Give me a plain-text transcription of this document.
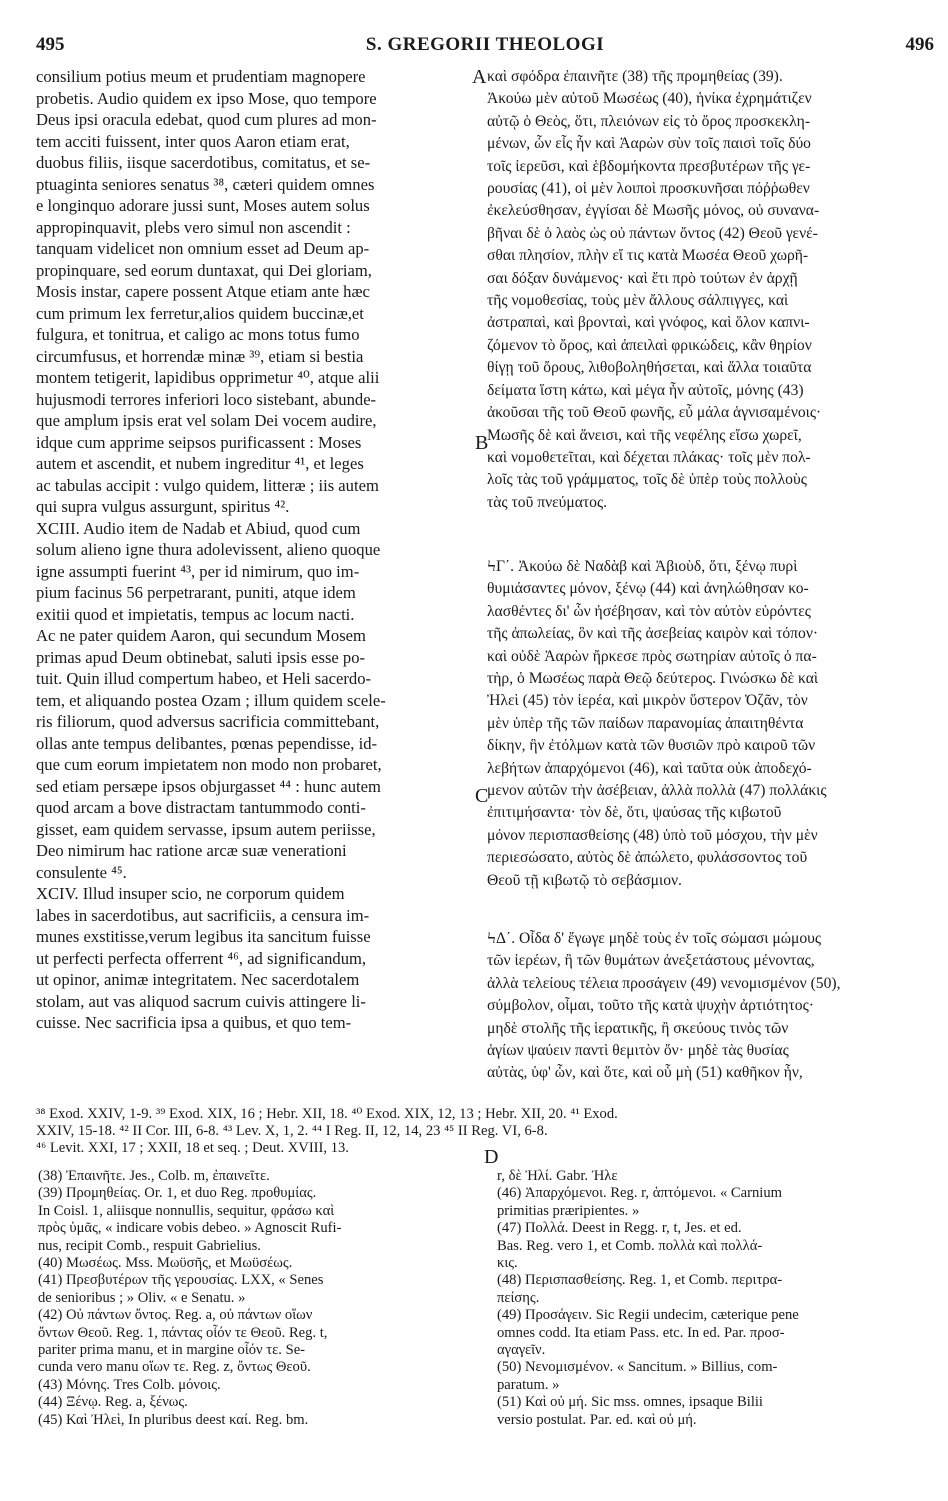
495	S. GREGORII THEOLOGI	496
A
B
C

consilium potius meum et prudentiam magnopere

probetis. Audio quidem ex ipso Mose, quo tempore

Deus ipsi oracula edebat, quod cum plures ad mon-

tem acciti fuissent, inter quos Aaron etiam erat,

duobus filiis, iisque sacerdotibus, comitatus, et se-

ptuaginta seniores senatus ³⁸, cæteri quidem omnes

e longinquo adorare jussi sunt, Moses autem solus

appropinquavit, plebs vero simul non ascendit :

tanquam videlicet non omnium esset ad Deum ap-

propinquare, sed eorum duntaxat, qui Dei gloriam,

Mosis instar, capere possent Atque etiam ante hæc

cum primum lex ferretur,alios quidem buccinæ,et

fulgura, et tonitrua, et caligo ac mons totus fumo

circumfusus, et horrendæ minæ ³⁹, etiam si bestia

montem tetigerit, lapidibus opprimetur ⁴⁰, atque alii

hujusmodi terrores inferiori loco sistebant, abunde-

que amplum ipsis erat vel solam Dei vocem audire,

idque cum apprime seipsos purificassent : Moses

autem et ascendit, et nubem ingreditur ⁴¹, et leges

ac tabulas accipit : vulgo quidem, litteræ ; iis autem

qui supra vulgus assurgunt, spiritus ⁴².

XCIII. Audio item de Nadab et Abiud, quod cum

solum alieno igne thura adolevissent, alieno quoque

igne assumpti fuerint ⁴³, per id nimirum, quo im-

pium facinus 56 perpetrarant, puniti, atque idem

exitii quod et impietatis, tempus ac locum nacti.

Ac ne pater quidem Aaron, qui secundum Mosem

primas apud Deum obtinebat, saluti ipsis esse po-

tuit. Quin illud compertum habeo, et Heli sacerdo-

tem, et aliquando postea Ozam ; illum quidem scele-

ris filiorum, quod adversus sacrificia committebant,

ollas ante tempus delibantes, pœnas pependisse, id-

que cum eorum impietatem non modo non probaret,

sed etiam persæpe ipsos objurgasset ⁴⁴ : hunc autem

quod arcam a bove distractam tantummodo conti-

gisset, eam quidem servasse, ipsum autem periisse,

Deo nimirum hac ratione arcæ suæ venerationi

consulente ⁴⁵.

XCIV. Illud insuper scio, ne corporum quidem

labes in sacerdotibus, aut sacrificiis, a censura im-

munes exstitisse,verum legibus ita sancitum fuisse

ut perfecti perfecta offerrent ⁴⁶, ad significandum,

ut opinor, animæ integritatem. Nec sacerdotalem

stolam, aut vas aliquod sacrum cuivis attingere li-

cuisse. Nec sacrificia ipsa a quibus, et quo tem-

καὶ σφόδρα ἐπαινῆτε (38) τῆς προμηθείας (39).

Ἀκούω μὲν αὐτοῦ Μωσέως (40), ἡνίκα ἐχρημάτιζεν

αὐτῷ ὁ Θεὸς, ὅτι, πλειόνων εἰς τὸ ὄρος προσκεκλη-

μένων, ὧν εἷς ἦν καὶ Ἀαρὼν σὺν τοῖς παισὶ τοῖς δύο

τοῖς ἱερεῦσι, καὶ ἑβδομήκοντα πρεσβυτέρων τῆς γε-

ρουσίας (41), οἱ μὲν λοιποὶ προσκυνῆσαι πόῤῥωθεν

ἐκελεύσθησαν, ἐγγίσαι δὲ Μωσῆς μόνος, οὐ συνανα-

βῆναι δὲ ὁ λαὸς ὡς οὐ πάντων ὄντος (42) Θεοῦ γενέ-

σθαι πλησίον, πλὴν εἴ τις κατὰ Μωσέα Θεοῦ χωρῆ-

σαι δόξαν δυνάμενος· καὶ ἔτι πρὸ τούτων ἐν ἀρχῇ

τῆς νομοθεσίας, τοὺς μὲν ἄλλους σάλπιγγες, καὶ

ἀστραπαὶ, καὶ βρονταὶ, καὶ γνόφος, καὶ ὅλον καπνι-

ζόμενον τὸ ὄρος, καὶ ἀπειλαὶ φρικώδεις, κἂν θηρίον

θίγῃ τοῦ ὄρους, λιθοβοληθήσεται, καὶ ἄλλα τοιαῦτα

δείματα ἵστη κάτω, καὶ μέγα ἦν αὐτοῖς, μόνης (43)

ἀκοῦσαι τῆς τοῦ Θεοῦ φωνῆς, εὖ μάλα ἁγνισαμένοις·

Μωσῆς δὲ καὶ ἄνεισι, καὶ τῆς νεφέλης εἴσω χωρεῖ,

καὶ νομοθετεῖται, καὶ δέχεται πλάκας· τοῖς μὲν πολ-

λοῖς τὰς τοῦ γράμματος, τοῖς δὲ ὑπὲρ τοὺς πολλοὺς

τὰς τοῦ πνεύματος.

ϞΓ΄. Ἀκούω δὲ Ναδὰβ καὶ Ἀβιοὺδ, ὅτι, ξένῳ πυρὶ

θυμιάσαντες μόνον, ξένῳ (44) καὶ ἀνηλώθησαν κο-

λασθέντες δι' ὧν ἠσέβησαν, καὶ τὸν αὐτὸν εὑρόντες

τῆς ἀπωλείας, ὃν καὶ τῆς ἀσεβείας καιρὸν καὶ τόπον·

καὶ οὐδὲ Ἀαρὼν ἤρκεσε πρὸς σωτηρίαν αὐτοῖς ὁ πα-

τὴρ, ὁ Μωσέως παρὰ Θεῷ δεύτερος. Γινώσκω δὲ καὶ

Ἠλεὶ (45) τὸν ἱερέα, καὶ μικρὸν ὕστερον Ὀζᾶν, τὸν

μὲν ὑπὲρ τῆς τῶν παίδων παρανομίας ἀπαιτηθέντα

δίκην, ἣν ἐτόλμων κατὰ τῶν θυσιῶν πρὸ καιροῦ τῶν

λεβήτων ἀπαρχόμενοι (46), καὶ ταῦτα οὐκ ἀποδεχό-

μενον αὐτῶν τὴν ἀσέβειαν, ἀλλὰ πολλὰ (47) πολλάκις

ἐπιτιμήσαντα· τὸν δὲ, ὅτι, ψαύσας τῆς κιβωτοῦ

μόνον περισπασθείσης (48) ὑπὸ τοῦ μόσχου, τὴν μὲν

περιεσώσατο, αὐτὸς δὲ ἀπώλετο, φυλάσσοντος τοῦ

Θεοῦ τῇ κιβωτῷ τὸ σεβάσμιον.

ϞΔ΄. Οἶδα δ' ἔγωγε μηδὲ τοὺς ἐν τοῖς σώμασι μώμους

τῶν ἱερέων, ἢ τῶν θυμάτων ἀνεξετάστους μένοντας,

ἀλλὰ τελείους τέλεια προσάγειν (49) νενομισμένον (50),

σύμβολον, οἶμαι, τοῦτο τῆς κατὰ ψυχὴν ἀρτιότητος·

μηδὲ στολῆς τῆς ἱερατικῆς, ἢ σκεύους τινὸς τῶν

ἁγίων ψαύειν παντὶ θεμιτὸν ὄν· μηδὲ τὰς θυσίας

αὐτὰς, ὑφ' ὧν, καὶ ὅτε, καὶ οὗ μὴ (51) καθῆκον ἦν,

³⁸ Exod. XXIV, 1-9. ³⁹ Exod. XIX, 16 ; Hebr. XII, 18. ⁴⁰ Exod. XIX, 12, 13 ; Hebr. XII, 20. ⁴¹ Exod.

XXIV, 15-18. ⁴² II Cor. III, 6-8. ⁴³ Lev. X, 1, 2. ⁴⁴ I Reg. II, 12, 14, 23 ⁴⁵ II Reg. VI, 6-8.

⁴⁶ Levit. XXI, 17 ; XXII, 18 et seq. ; Deut. XVIII, 13.	D

(38) Ἐπαινῆτε. Jes., Colb. m, ἐπαινεῖτε.

(39) Προμηθείας. Or. 1, et duo Reg. προθυμίας.

In Coisl. 1, aliisque nonnullis, sequitur, φράσω καὶ

πρὸς ὑμᾶς, « indicare vobis debeo. » Agnoscit Rufi-

nus, recipit Comb., respuit Gabrielius.

(40) Μωσέως. Mss. Μωϋσῆς, et Μωϋσέως.

(41) Πρεσβυτέρων τῆς γερουσίας. LXX, « Senes

de senioribus ; » Oliv. « e Senatu. »

(42) Οὐ πάντων ὄντος. Reg. a, οὐ πάντων οἵων

ὄντων Θεοῦ. Reg. 1, πάντας οἷόν τε Θεοῦ. Reg. t,

pariter prima manu, et in margine οἷόν τε. Se-

cunda vero manu οἵων τε. Reg. z, ὄντως Θεοῦ.

(43) Μόνης. Tres Colb. μόνοις.

(44) Ξένῳ. Reg. a, ξένως.

(45) Καὶ Ἠλεὶ, In pluribus deest καί. Reg. bm.

r, δὲ Ἠλί. Gabr. Ἠλε

(46) Ἀπαρχόμενοι. Reg. r, ἁπτόμενοι. « Carnium

primitias præripientes. »

(47) Πολλά. Deest in Regg. r, t, Jes. et ed.

Bas. Reg. vero 1, et Comb. πολλὰ καὶ πολλά-

κις.

(48) Περισπασθείσης. Reg. 1, et Comb. περιτρα-

πείσης.

(49) Προσάγειν. Sic Regii undecim, cæterique pene

omnes codd. Ita etiam Pass. etc. In ed. Par. προσ-

αγαγεῖν.

(50) Νενομισμένον. « Sancitum. » Billius, com-

paratum. »

(51) Καὶ οὐ μή. Sic mss. omnes, ipsaque Bilii

versio postulat. Par. ed. καὶ οὐ μή.
